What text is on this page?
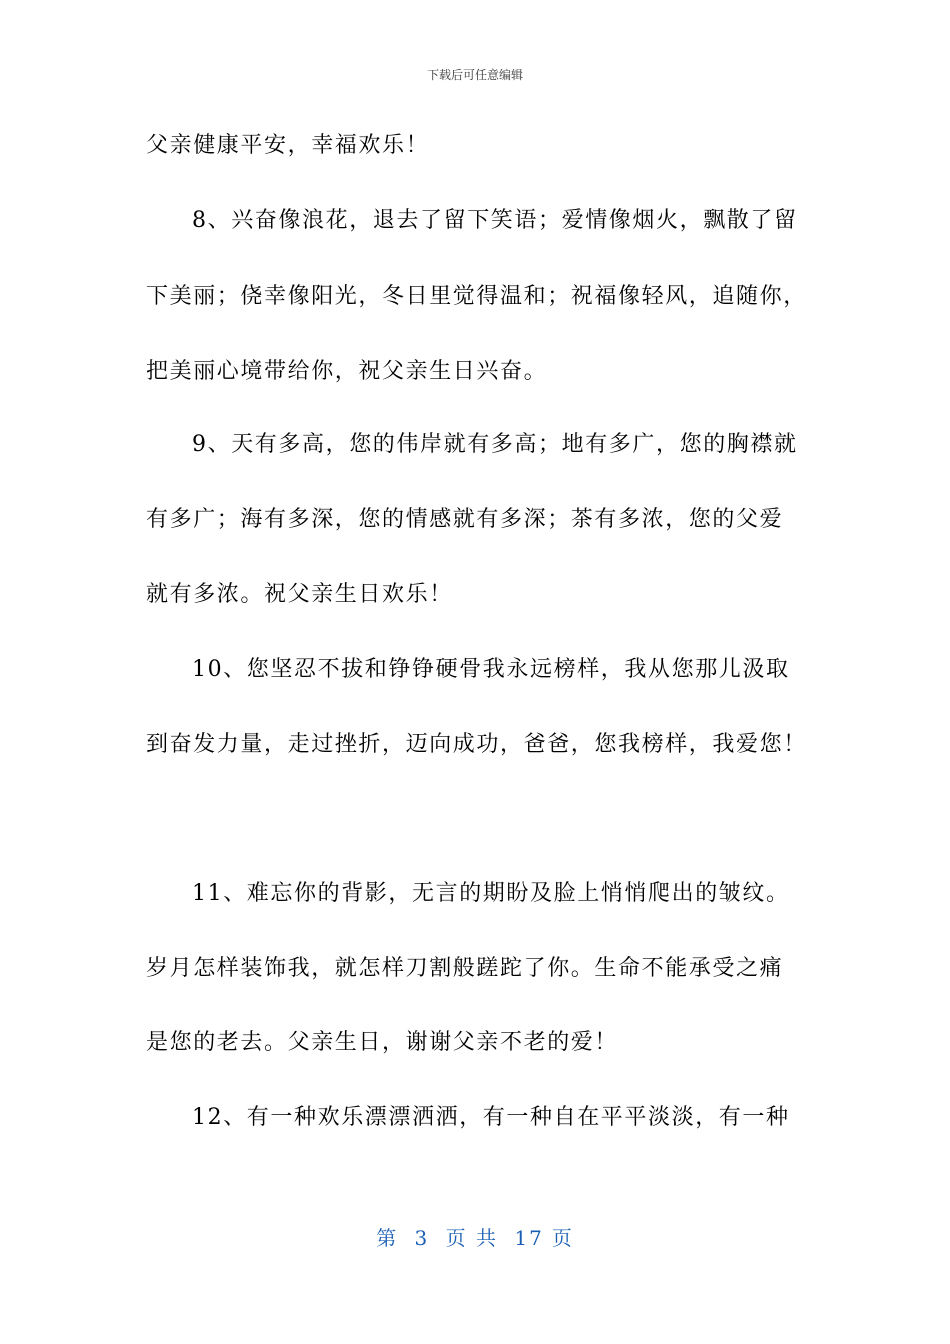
下载后可任意编辑
父亲健康平安，幸福欢乐！
8、兴奋像浪花，退去了留下笑语；爱情像烟火，飘散了留
下美丽；侥幸像阳光，冬日里觉得温和；祝福像轻风，追随你，
把美丽心境带给你，祝父亲生日兴奋。
9、天有多高，您的伟岸就有多高；地有多广，您的胸襟就
有多广；海有多深，您的情感就有多深；茶有多浓，您的父爱
就有多浓。祝父亲生日欢乐！
10、您坚忍不拔和铮铮硬骨我永远榜样，我从您那儿汲取
到奋发力量，走过挫折，迈向成功，爸爸，您我榜样，我爱您！
11、难忘你的背影，无言的期盼及脸上悄悄爬出的皱纹。
岁月怎样装饰我，就怎样刀割般蹉跎了你。生命不能承受之痛
是您的老去。父亲生日，谢谢父亲不老的爱！
12、有一种欢乐漂漂洒洒，有一种自在平平淡淡，有一种
第 3 页 共 17 页
